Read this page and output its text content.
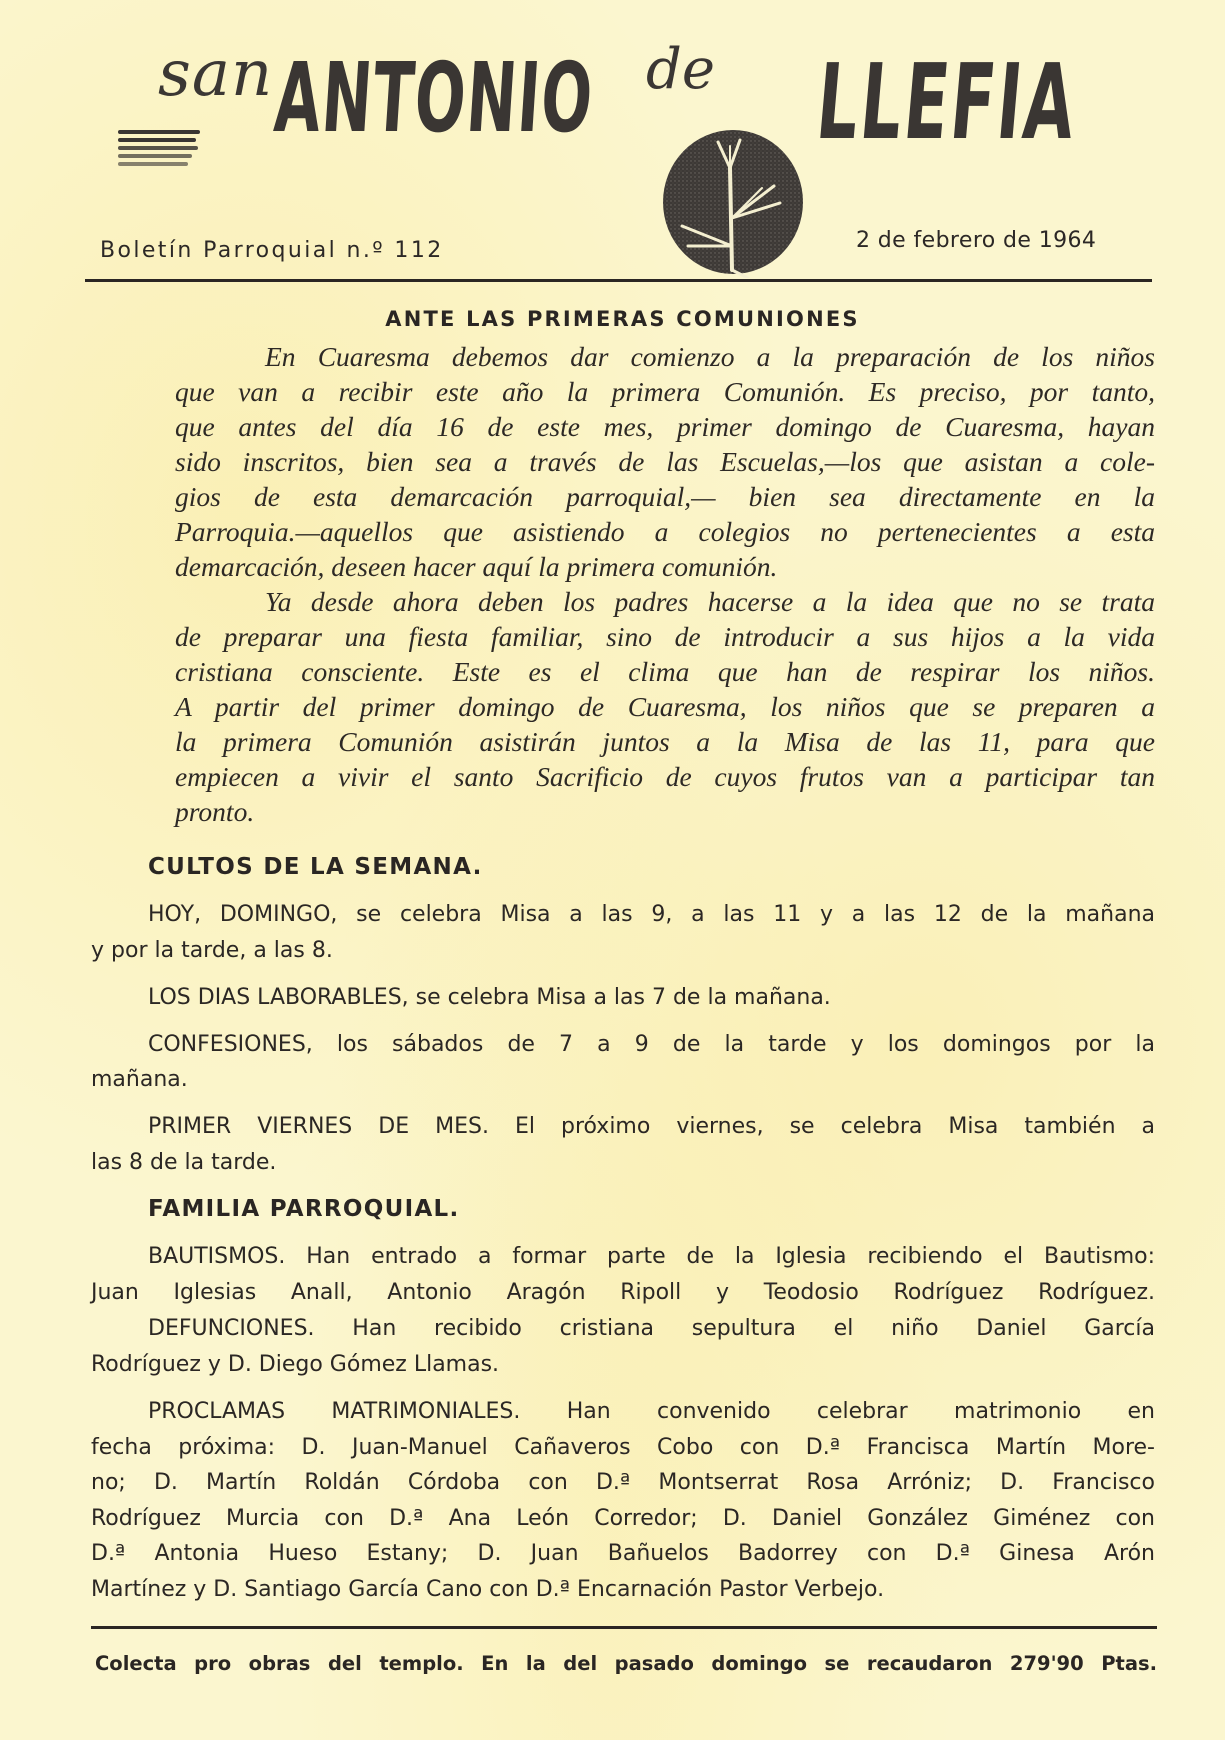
san
ANTONIO de LLEFIA
Boletín Parroquial n.º 112	2 de febrero de 1964
ANTE LAS PRIMERAS COMUNIONES
En Cuaresma debemos dar comienzo a la preparación de los niños
que van a recibir este año la primera Comunión. Es preciso, por tanto,
que antes del día 16 de este mes, primer domingo de Cuaresma, hayan
sido inscritos, bien sea a través de las Escuelas,—los que asistan a cole-
gios de esta demarcación parroquial,— bien sea directamente en la
Parroquia.—aquellos que asistiendo a colegios no pertenecientes a esta
demarcación, deseen hacer aquí la primera comunión.
Ya desde ahora deben los padres hacerse a la idea que no se trata
de preparar una fiesta familiar, sino de introducir a sus hijos a la vida
cristiana consciente. Este es el clima que han de respirar los niños.
A partir del primer domingo de Cuaresma, los niños que se preparen a
la primera Comunión asistirán juntos a la Misa de las 11, para que
empiecen a vivir el santo Sacrificio de cuyos frutos van a participar tan
pronto.
CULTOS DE LA SEMANA.
HOY, DOMINGO, se celebra Misa a las 9, a las 11 y a las 12 de la mañana
y por la tarde, a las 8.
LOS DIAS LABORABLES, se celebra Misa a las 7 de la mañana.
CONFESIONES, los sábados de 7 a 9 de la tarde y los domingos por la
mañana.
PRIMER VIERNES DE MES. El próximo viernes, se celebra Misa también a
las 8 de la tarde.
FAMILIA PARROQUIAL.
BAUTISMOS. Han entrado a formar parte de la Iglesia recibiendo el Bautismo:
Juan Iglesias Anall, Antonio Aragón Ripoll y Teodosio Rodríguez Rodríguez.
DEFUNCIONES. Han recibido cristiana sepultura el niño Daniel García
Rodríguez y D. Diego Gómez Llamas.
PROCLAMAS MATRIMONIALES. Han convenido celebrar matrimonio en
fecha próxima: D. Juan-Manuel Cañaveros Cobo con D.ª Francisca Martín More-
no; D. Martín Roldán Córdoba con D.ª Montserrat Rosa Arróniz; D. Francisco
Rodríguez Murcia con D.ª Ana León Corredor; D. Daniel González Giménez con
D.ª Antonia Hueso Estany; D. Juan Bañuelos Badorrey con D.ª Ginesa Arón
Martínez y D. Santiago García Cano con D.ª Encarnación Pastor Verbejo.
Colecta pro obras del templo. En la del pasado domingo se recaudaron 279'90 Ptas.
